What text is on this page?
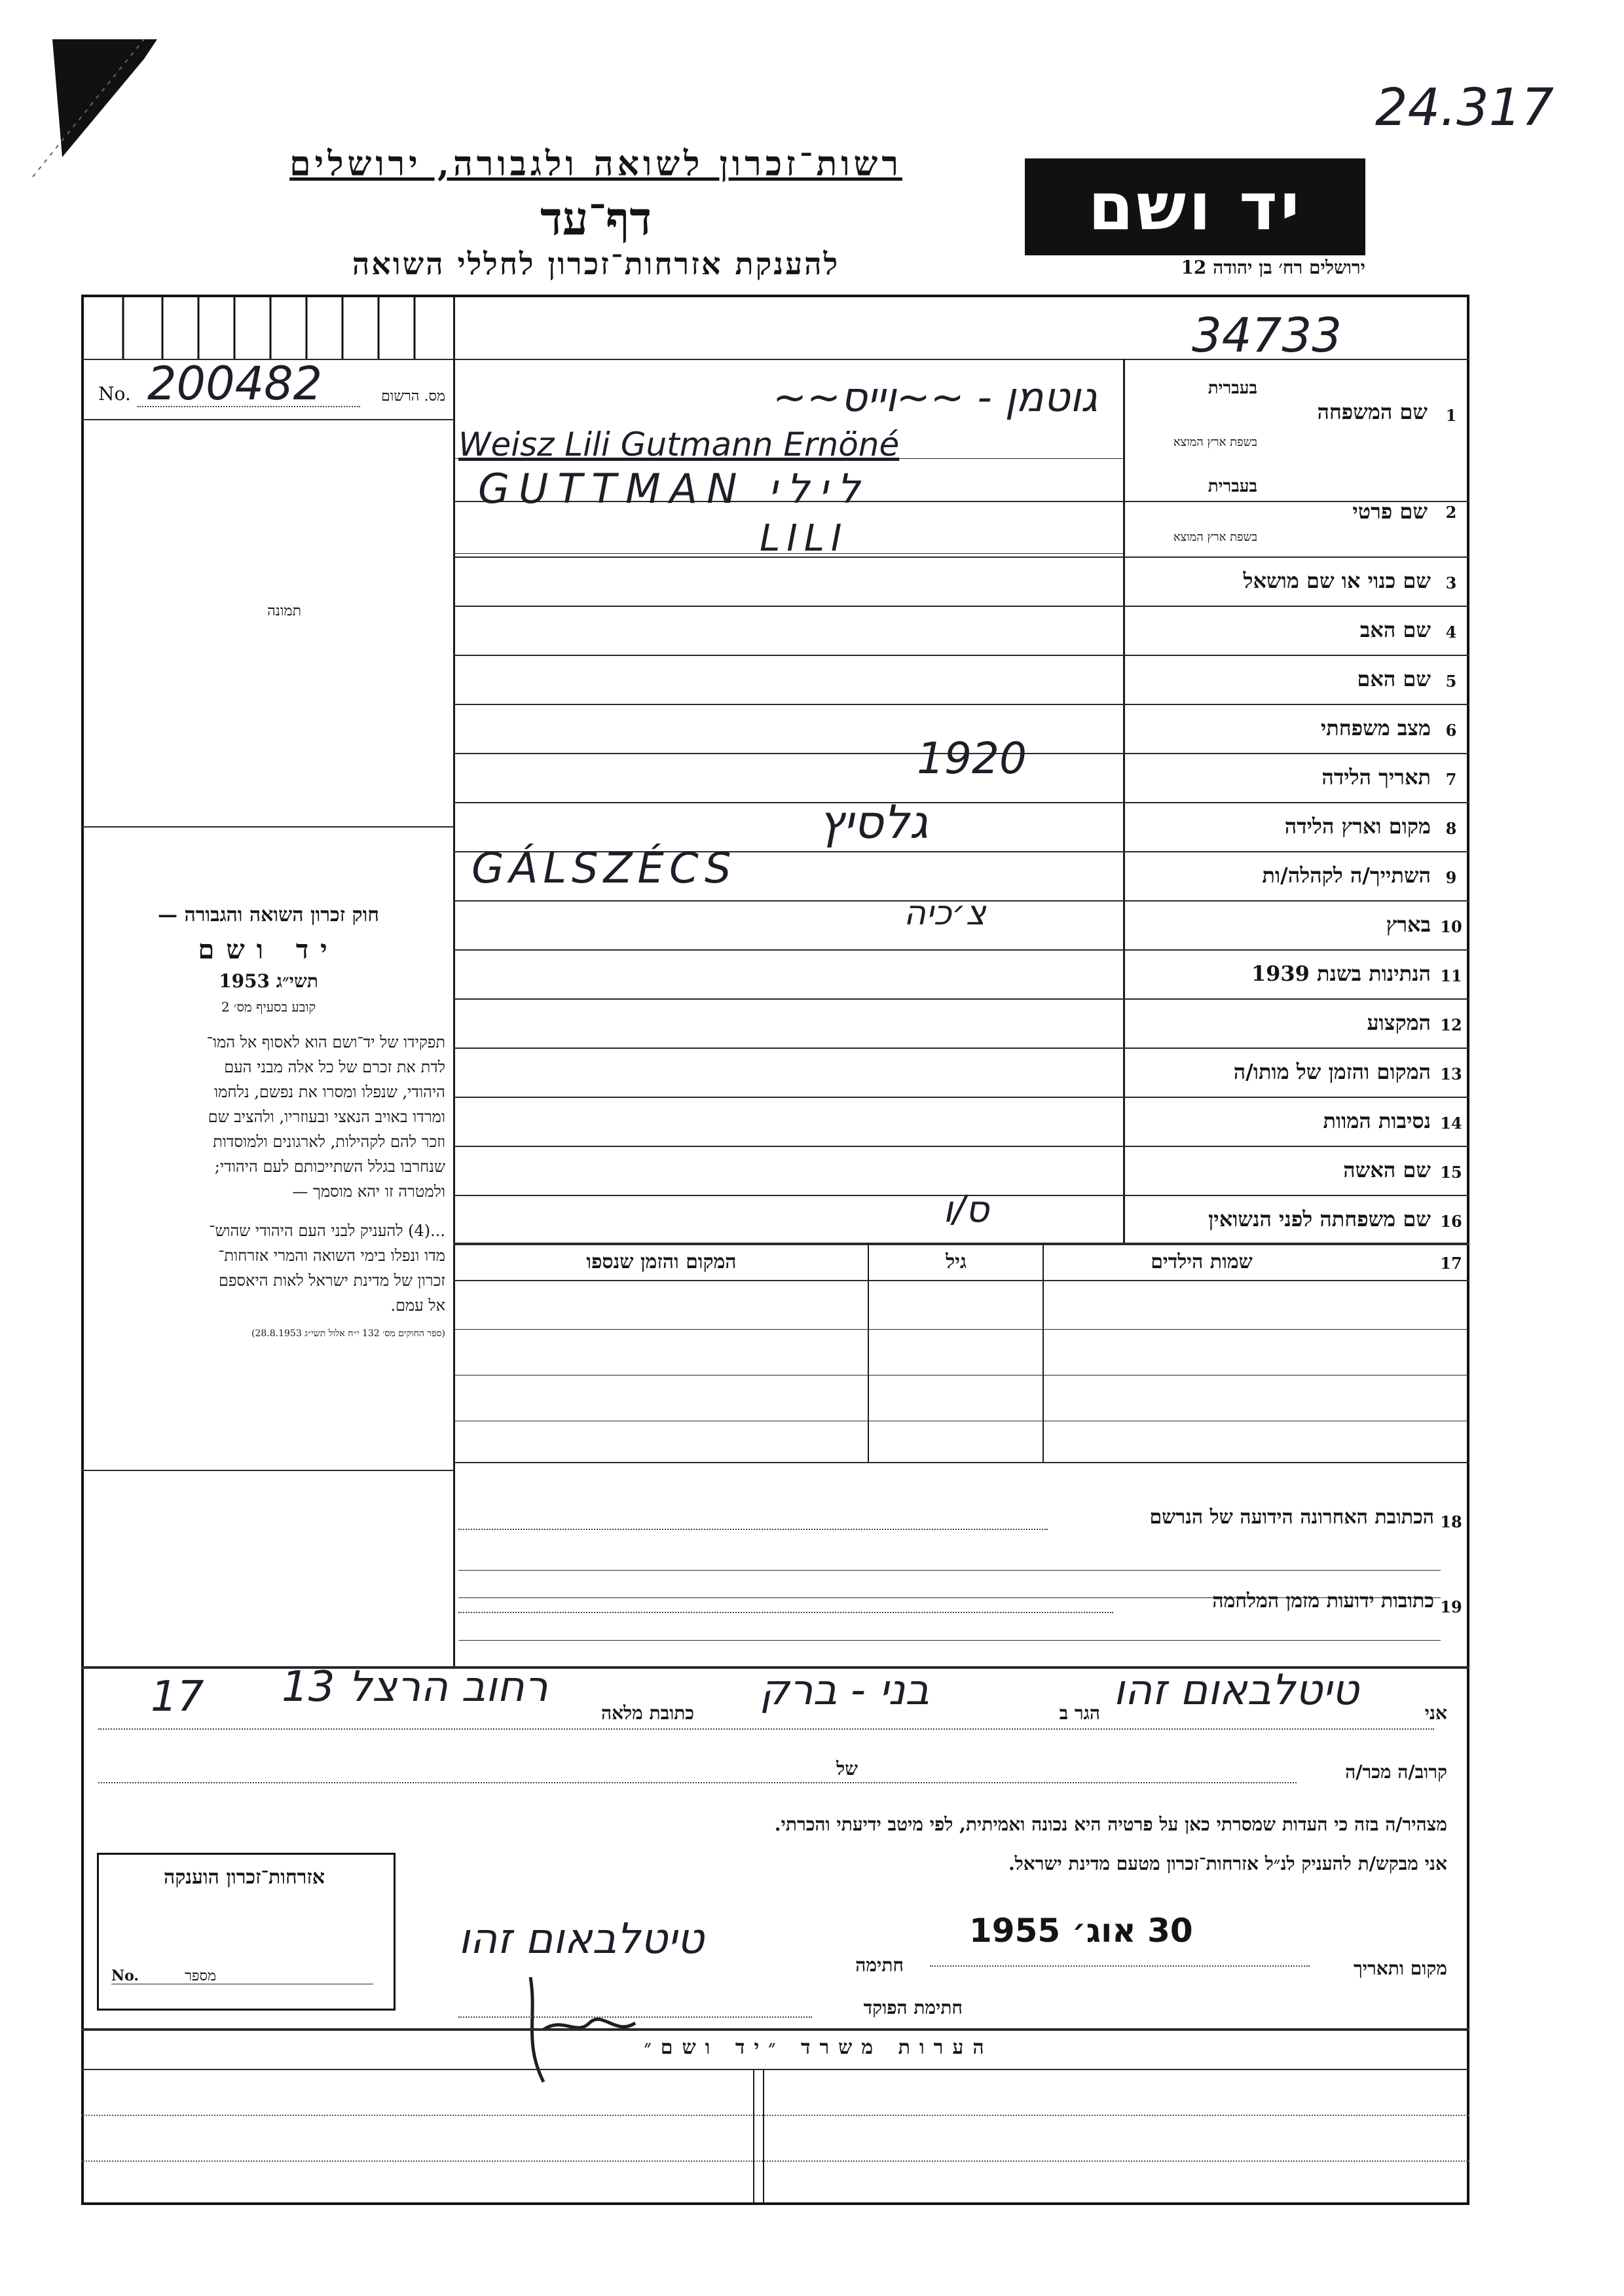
24.317
רשות־זכרון לשואה ולגבורה, ירושלים
דף־עד
להענקת אזרחות־זכרון לחללי השואה
יד ושם
ירושלים רח׳ בן יהודה 12
34733
No. 200482	מס. הרשום
תמונה

חוק זכרון השואה והגבורה —

יד ושם

תשי״ג 1953

קובע בסעיף מס׳ 2

תפקידו של יד־ושם הוא לאסוף אל המו־
לדת את זכרם של כל אלה מבני העם
היהודי, שנפלו ומסרו את נפשם, נלחמו
ומרדו באויב הנאצי ובעוזריו, ולהציב שם
וזכר להם לקהילות, לארגונים ולמוסדות
שנחרבו בגלל השתייכותם לעם היהודי;
ולמטרה זו יהא מוסמך —
...(4) להעניק לבני העם היהודי שהוש־
מדו ונפלו בימי השואה והמרי אזרחות־
זכרון של מדינת ישראל לאות היאספם
אל עמם.

(ספר החוקים מס׳ 132 י״ח אלול תשי״ג 28.8.1953)

1
שם המשפחה
בעברית
בשפת ארץ המוצא
גוטמן - ~~וייס~~
Weisz Lili Gutmann Ernöné
2
שם פרטי
בעברית
בשפת ארץ המוצא
GUTTMAN לילי
LILI
3
שם כנוי או שם מושאל
4
שם האב
5
שם האם
6
מצב משפחתי
7
תאריך הלידה
1920
8
מקום וארץ הלידה
גלסיץ
9
השתייך/ה לקהלה/ות
GÁLSZÉCS
10
בארץ
צ׳כיה
11
הנתינות בשנת 1939
12
המקצוע
13
המקום והזמן של מותו/ה
14
נסיבות המוות
15
שם האשה
16
שם משפחתה לפני הנשואין
ס/ו
17
שמות הילדים
גיל
המקום והזמן שנספו
18
הכתובת האחרונה הידועה של הנרשם
19
כתובות ידועות מזמן המלחמה
אני
טיטלבאום זהו
הגר ב
בני - ברק
כתובת מלאה
רחוב הרצל 13
17
קרוב/ה מכר/ה
של
מצהיר/ה בזה כי העדות שמסרתי כאן על פרטיה היא נכונה ואמיתית, לפי מיטב ידיעתי והכרתי.
אני מבקש/ת להעניק לנ״ל אזרחות־זכרון מטעם מדינת ישראל.
מקום ותאריך
30 אוג׳ 1955
חתימה
טיטלבאום זהו
חתימת הפוקד
אזרחות־זכרון הוענקה
No.	מספר
הערות משרד ״יד ושם״
